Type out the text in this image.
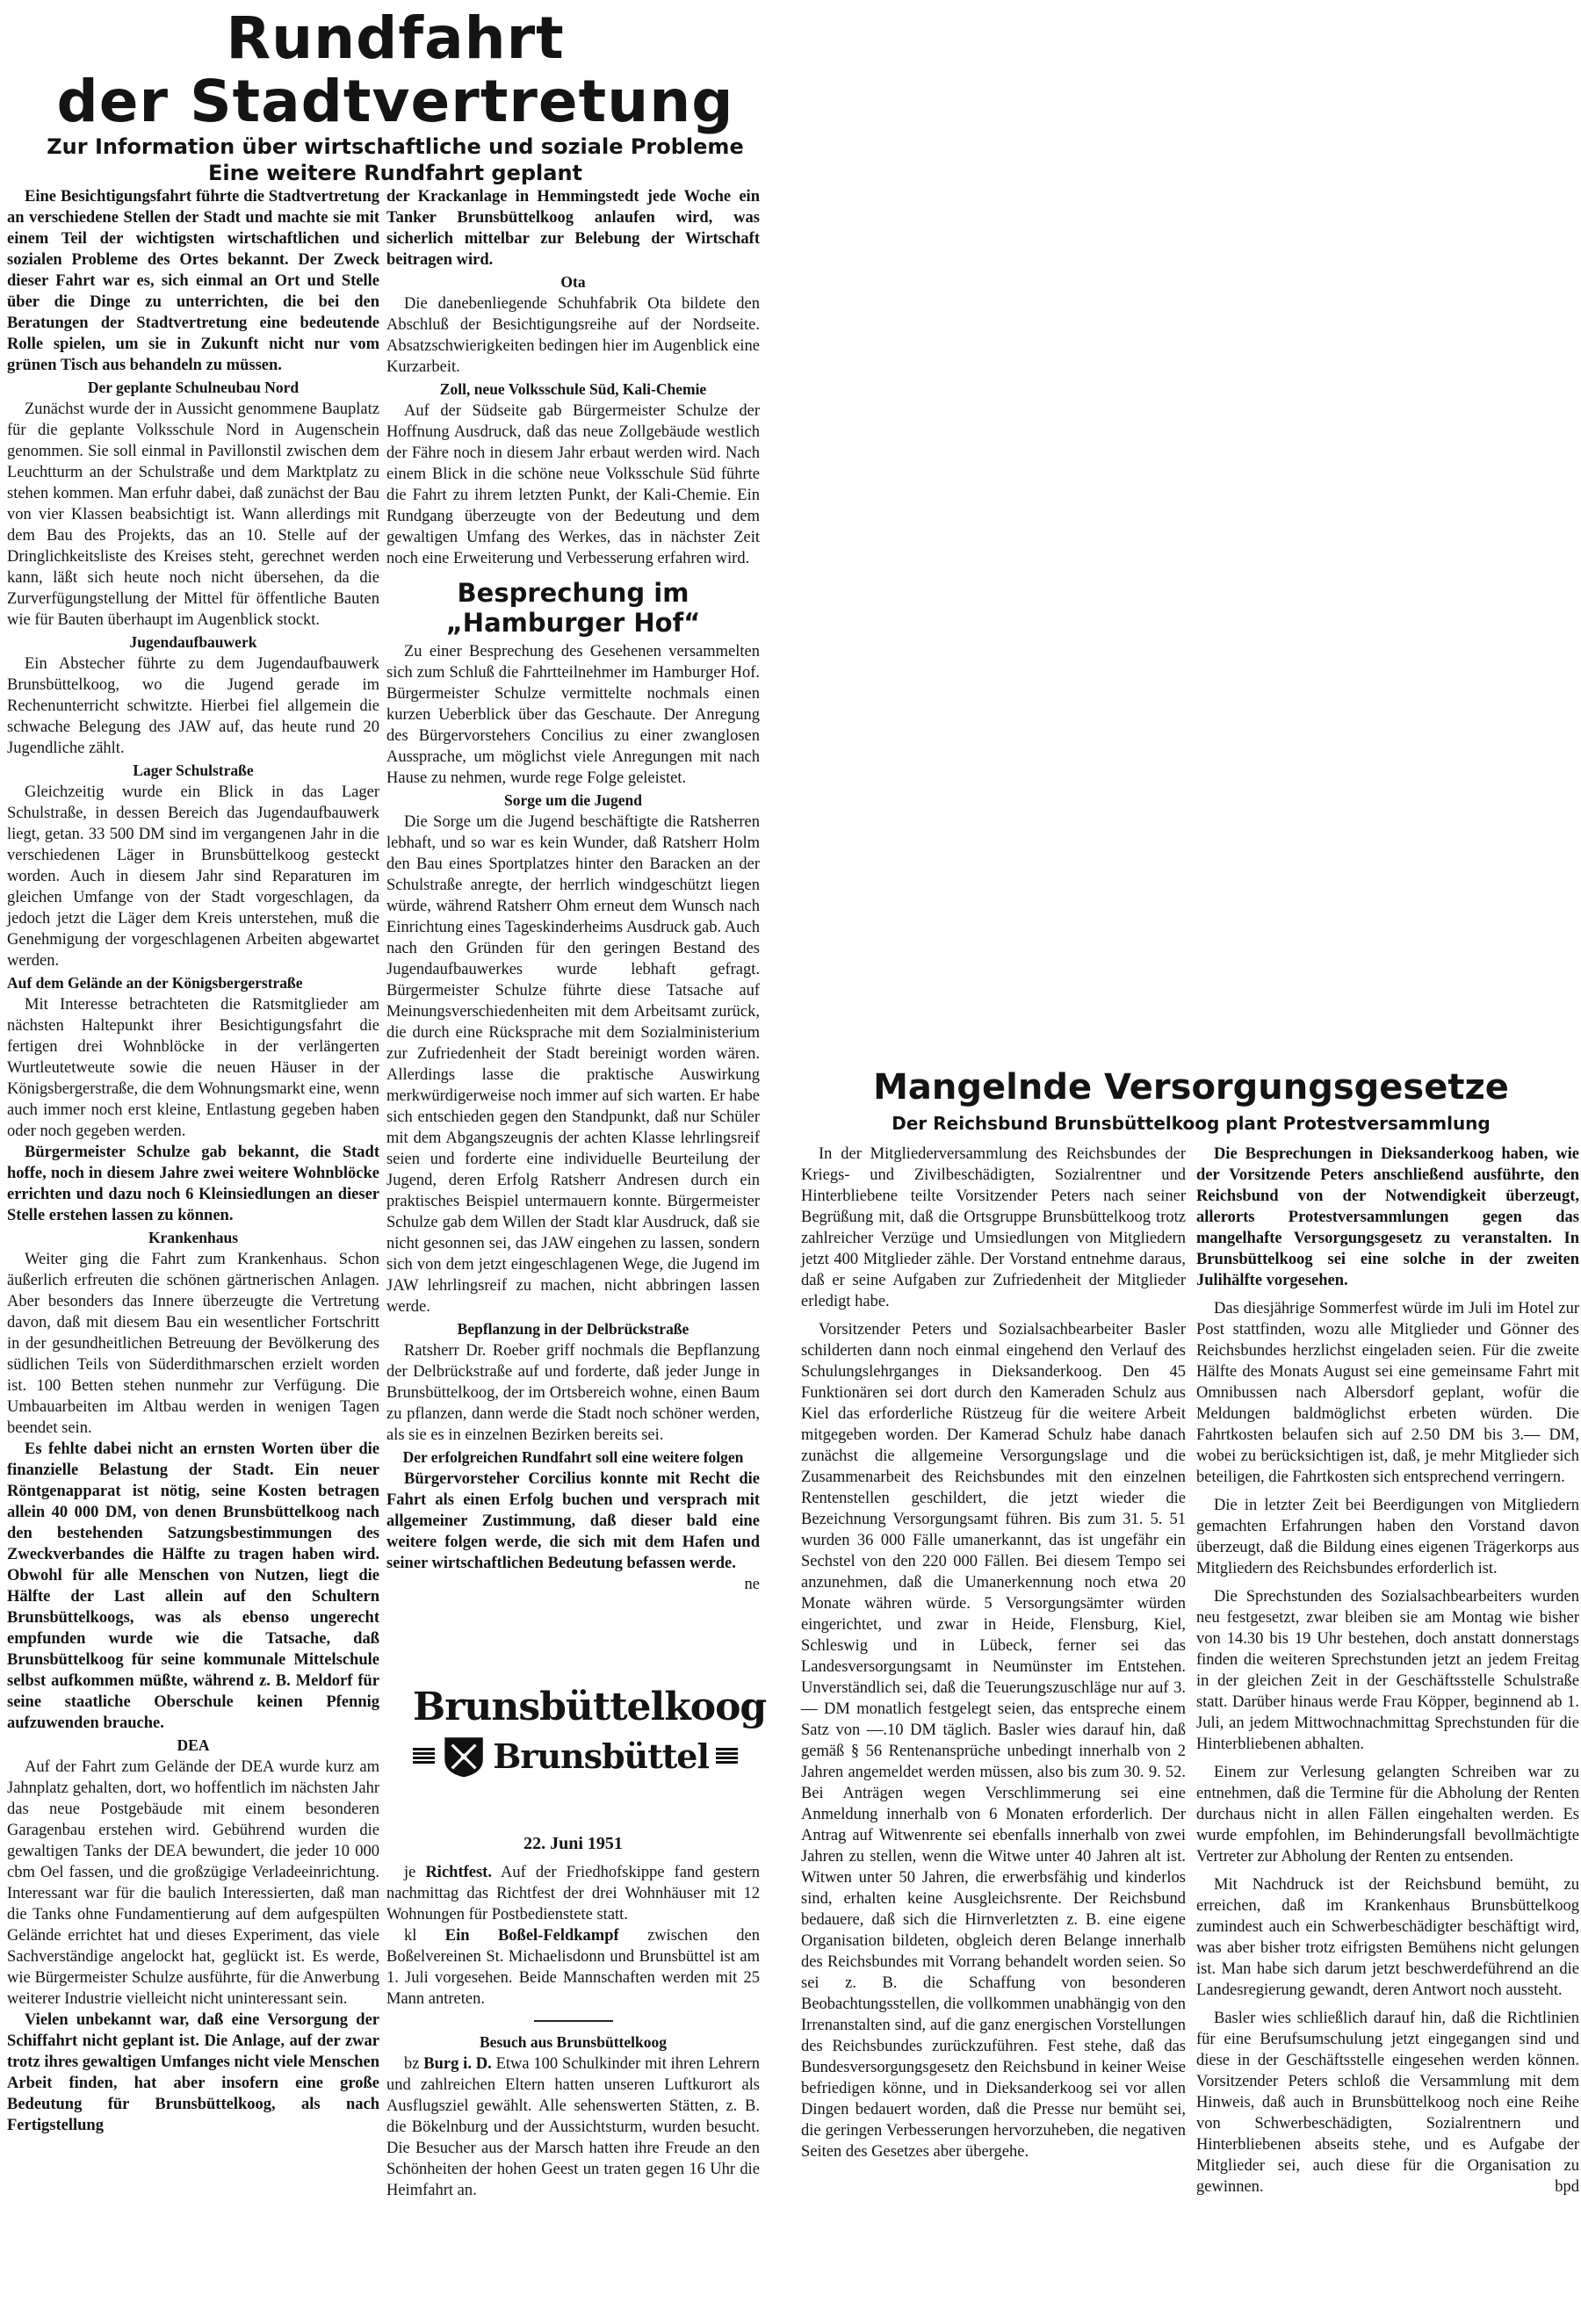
Rundfahrt
der Stadtvertretung
Zur Information über wirtschaftliche und soziale Probleme
Eine weitere Rundfahrt geplant

Eine Besichtigungsfahrt führte die Stadtvertretung an verschiedene Stellen der Stadt und machte sie mit einem Teil der wichtigsten wirtschaftlichen und sozialen Probleme des Ortes bekannt. Der Zweck dieser Fahrt war es, sich einmal an Ort und Stelle über die Dinge zu unterrichten, die bei den Beratungen der Stadtvertretung eine bedeutende Rolle spielen, um sie in Zukunft nicht nur vom grünen Tisch aus behandeln zu müssen.

Der geplante Schulneubau Nord

Zunächst wurde der in Aussicht genommene Bauplatz für die geplante Volksschule Nord in Augenschein genommen. Sie soll einmal in Pavillonstil zwischen dem Leuchtturm an der Schulstraße und dem Marktplatz zu stehen kommen. Man erfuhr dabei, daß zunächst der Bau von vier Klassen beabsichtigt ist. Wann allerdings mit dem Bau des Projekts, das an 10. Stelle auf der Dringlichkeitsliste des Kreises steht, gerechnet werden kann, läßt sich heute noch nicht übersehen, da die Zurverfügungstellung der Mittel für öffentliche Bauten wie für Bauten überhaupt im Augenblick stockt.

Jugendaufbauwerk

Ein Abstecher führte zu dem Jugendaufbauwerk Brunsbüttelkoog, wo die Jugend gerade im Rechenunterricht schwitzte. Hierbei fiel allgemein die schwache Belegung des JAW auf, das heute rund 20 Jugendliche zählt.

Lager Schulstraße

Gleichzeitig wurde ein Blick in das Lager Schulstraße, in dessen Bereich das Jugendaufbauwerk liegt, getan. 33 500 DM sind im vergangenen Jahr in die verschiedenen Läger in Brunsbüttelkoog gesteckt worden. Auch in diesem Jahr sind Reparaturen im gleichen Umfange von der Stadt vorgeschlagen, da jedoch jetzt die Läger dem Kreis unterstehen, muß die Genehmigung der vorgeschlagenen Arbeiten abgewartet werden.

Auf dem Gelände an der Königsbergerstraße

Mit Interesse betrachteten die Ratsmitglieder am nächsten Haltepunkt ihrer Besichtigungsfahrt die fertigen drei Wohnblöcke in der verlängerten Wurtleutetweute sowie die neuen Häuser in der Königsbergerstraße, die dem Wohnungsmarkt eine, wenn auch immer noch erst kleine, Entlastung gegeben haben oder noch gegeben werden.

Bürgermeister Schulze gab bekannt, die Stadt hoffe, noch in diesem Jahre zwei weitere Wohnblöcke errichten und dazu noch 6 Kleinsiedlungen an dieser Stelle erstehen lassen zu können.

Krankenhaus

Weiter ging die Fahrt zum Krankenhaus. Schon äußerlich erfreuten die schönen gärtnerischen Anlagen. Aber besonders das Innere überzeugte die Vertretung davon, daß mit diesem Bau ein wesentlicher Fortschritt in der gesundheitlichen Betreuung der Bevölkerung des südlichen Teils von Süderdithmarschen erzielt worden ist. 100 Betten stehen nunmehr zur Verfügung. Die Umbauarbeiten im Altbau werden in wenigen Tagen beendet sein.

Es fehlte dabei nicht an ernsten Worten über die finanzielle Belastung der Stadt. Ein neuer Röntgenapparat ist nötig, seine Kosten betragen allein 40 000 DM, von denen Brunsbüttelkoog nach den bestehenden Satzungsbestimmungen des Zweckverbandes die Hälfte zu tragen haben wird. Obwohl für alle Menschen von Nutzen, liegt die Hälfte der Last allein auf den Schultern Brunsbüttelkoogs, was als ebenso ungerecht empfunden wurde wie die Tatsache, daß Brunsbüttelkoog für seine kommunale Mittelschule selbst aufkommen müßte, während z. B. Meldorf für seine staatliche Oberschule keinen Pfennig aufzuwenden brauche.

DEA

Auf der Fahrt zum Gelände der DEA wurde kurz am Jahnplatz gehalten, dort, wo hoffentlich im nächsten Jahr das neue Postgebäude mit einem besonderen Garagenbau erstehen wird. Gebührend wurden die gewaltigen Tanks der DEA bewundert, die jeder 10 000 cbm Oel fassen, und die großzügige Verladeeinrichtung. Interessant war für die baulich Interessierten, daß man die Tanks ohne Fundamentierung auf dem aufgespülten Gelände errichtet hat und dieses Experiment, das viele Sachverständige angelockt hat, geglückt ist. Es werde, wie Bürgermeister Schulze ausführte, für die Anwerbung weiterer Industrie vielleicht nicht uninteressant sein.

Vielen unbekannt war, daß eine Versorgung der Schiffahrt nicht geplant ist. Die Anlage, auf der zwar trotz ihres gewaltigen Umfanges nicht viele Menschen Arbeit finden, hat aber insofern eine große Bedeutung für Brunsbüttelkoog, als nach Fertigstellung

der Krackanlage in Hemmingstedt jede Woche ein Tanker Brunsbüttelkoog anlaufen wird, was sicherlich mittelbar zur Belebung der Wirtschaft beitragen wird.

Ota

Die danebenliegende Schuhfabrik Ota bildete den Abschluß der Besichtigungsreihe auf der Nordseite. Absatzschwierigkeiten bedingen hier im Augenblick eine Kurzarbeit.

Zoll, neue Volksschule Süd, Kali-Chemie

Auf der Südseite gab Bürgermeister Schulze der Hoffnung Ausdruck, daß das neue Zollgebäude westlich der Fähre noch in diesem Jahr erbaut werden wird. Nach einem Blick in die schöne neue Volksschule Süd führte die Fahrt zu ihrem letzten Punkt, der Kali-Chemie. Ein Rundgang überzeugte von der Bedeutung und dem gewaltigen Umfang des Werkes, das in nächster Zeit noch eine Erweiterung und Verbesserung erfahren wird.

Besprechung im „Hamburger Hof“

Zu einer Besprechung des Gesehenen versammelten sich zum Schluß die Fahrtteilnehmer im Hamburger Hof. Bürgermeister Schulze vermittelte nochmals einen kurzen Ueberblick über das Geschaute. Der Anregung des Bürgervorstehers Concilius zu einer zwanglosen Aussprache, um möglichst viele Anregungen mit nach Hause zu nehmen, wurde rege Folge geleistet.

Sorge um die Jugend

Die Sorge um die Jugend beschäftigte die Ratsherren lebhaft, und so war es kein Wunder, daß Ratsherr Holm den Bau eines Sportplatzes hinter den Baracken an der Schulstraße anregte, der herrlich windgeschützt liegen würde, während Ratsherr Ohm erneut dem Wunsch nach Einrichtung eines Tageskinderheims Ausdruck gab. Auch nach den Gründen für den geringen Bestand des Jugendaufbauwerkes wurde lebhaft gefragt. Bürgermeister Schulze führte diese Tatsache auf Meinungsverschiedenheiten mit dem Arbeitsamt zurück, die durch eine Rücksprache mit dem Sozialministerium zur Zufriedenheit der Stadt bereinigt worden wären. Allerdings lasse die praktische Auswirkung merkwürdigerweise noch immer auf sich warten. Er habe sich entschieden gegen den Standpunkt, daß nur Schüler mit dem Abgangszeugnis der achten Klasse lehrlingsreif seien und forderte eine individuelle Beurteilung der Jugend, deren Erfolg Ratsherr Andresen durch ein praktisches Beispiel untermauern konnte. Bürgermeister Schulze gab dem Willen der Stadt klar Ausdruck, daß sie nicht gesonnen sei, das JAW eingehen zu lassen, sondern sich von dem jetzt eingeschlagenen Wege, die Jugend im JAW lehrlingsreif zu machen, nicht abbringen lassen werde.

Bepflanzung in der Delbrückstraße

Ratsherr Dr. Roeber griff nochmals die Bepflanzung der Delbrückstraße auf und forderte, daß jeder Junge in Brunsbüttelkoog, der im Ortsbereich wohne, einen Baum zu pflanzen, dann werde die Stadt noch schöner werden, als sie es in einzelnen Bezirken bereits sei.

Der erfolgreichen Rundfahrt soll eine weitere folgen

Bürgervorsteher Corcilius konnte mit Recht die Fahrt als einen Erfolg buchen und versprach mit allgemeiner Zustimmung, daß dieser bald eine weitere folgen werde, die sich mit dem Hafen und seiner wirtschaftlichen Bedeutung befassen werde.
ne

Brunsbüttelkoog
Brunsbüttel
22. Juni 1951

je Richtfest. Auf der Friedhofskippe fand gestern nachmittag das Richtfest der drei Wohnhäuser mit 12 Wohnungen für Postbedienstete statt.

kl Ein Boßel-Feldkampf zwischen den Boßelvereinen St. Michaelisdonn und Brunsbüttel ist am 1. Juli vorgesehen. Beide Mannschaften werden mit 25 Mann antreten.

Besuch aus Brunsbüttelkoog

bz Burg i. D. Etwa 100 Schulkinder mit ihren Lehrern und zahlreichen Eltern hatten unseren Luftkurort als Ausflugsziel gewählt. Alle sehenswerten Stätten, z. B. die Bökelnburg und der Aussichtsturm, wurden besucht. Die Besucher aus der Marsch hatten ihre Freude an den Schönheiten der hohen Geest un traten gegen 16 Uhr die Heimfahrt an.

Mangelnde Versorgungsgesetze
Der Reichsbund Brunsbüttelkoog plant Protestversammlung

In der Mitgliederversammlung des Reichsbundes der Kriegs- und Zivilbeschädigten, Sozialrentner und Hinterbliebene teilte Vorsitzender Peters nach seiner Begrüßung mit, daß die Ortsgruppe Brunsbüttelkoog trotz zahlreicher Verzüge und Umsiedlungen von Mitgliedern jetzt 400 Mitglieder zähle. Der Vorstand entnehme daraus, daß er seine Aufgaben zur Zufriedenheit der Mitglieder erledigt habe.

Vorsitzender Peters und Sozialsachbearbeiter Basler schilderten dann noch einmal eingehend den Verlauf des Schulungslehrganges in Dieksanderkoog. Den 45 Funktionären sei dort durch den Kameraden Schulz aus Kiel das erforderliche Rüstzeug für die weitere Arbeit mitgegeben worden. Der Kamerad Schulz habe danach zunächst die allgemeine Versorgungslage und die Zusammenarbeit des Reichsbundes mit den einzelnen Rentenstellen geschildert, die jetzt wieder die Bezeichnung Versorgungsamt führen. Bis zum 31. 5. 51 wurden 36 000 Fälle umanerkannt, das ist ungefähr ein Sechstel von den 220 000 Fällen. Bei diesem Tempo sei anzunehmen, daß die Umanerkennung noch etwa 20 Monate währen würde. 5 Versorgungsämter würden eingerichtet, und zwar in Heide, Flensburg, Kiel, Schleswig und in Lübeck, ferner sei das Landesversorgungsamt in Neumünster im Entstehen. Unverständlich sei, daß die Teuerungszuschläge nur auf 3.— DM monatlich festgelegt seien, das entspreche einem Satz von —.10 DM täglich. Basler wies darauf hin, daß gemäß § 56 Rentenansprüche unbedingt innerhalb von 2 Jahren angemeldet werden müssen, also bis zum 30. 9. 52. Bei Anträgen wegen Verschlimmerung sei eine Anmeldung innerhalb von 6 Monaten erforderlich. Der Antrag auf Witwenrente sei ebenfalls innerhalb von zwei Jahren zu stellen, wenn die Witwe unter 40 Jahren alt ist. Witwen unter 50 Jahren, die erwerbsfähig und kinderlos sind, erhalten keine Ausgleichsrente. Der Reichsbund bedauere, daß sich die Hirnverletzten z. B. eine eigene Organisation bildeten, obgleich deren Belange innerhalb des Reichsbundes mit Vorrang behandelt worden seien. So sei z. B. die Schaffung von besonderen Beobachtungsstellen, die vollkommen unabhängig von den Irrenanstalten sind, auf die ganz energischen Vorstellungen des Reichsbundes zurückzuführen. Fest stehe, daß das Bundesversorgungsgesetz den Reichsbund in keiner Weise befriedigen könne, und in Dieksanderkoog sei vor allen Dingen bedauert worden, daß die Presse nur bemüht sei, die geringen Verbesserungen hervorzuheben, die negativen Seiten des Gesetzes aber übergehe.

Die Besprechungen in Dieksanderkoog haben, wie der Vorsitzende Peters anschließend ausführte, den Reichsbund von der Notwendigkeit überzeugt, allerorts Protestversammlungen gegen das mangelhafte Versorgungsgesetz zu veranstalten. In Brunsbüttelkoog sei eine solche in der zweiten Julihälfte vorgesehen.

Das diesjährige Sommerfest würde im Juli im Hotel zur Post stattfinden, wozu alle Mitglieder und Gönner des Reichsbundes herzlichst eingeladen seien. Für die zweite Hälfte des Monats August sei eine gemeinsame Fahrt mit Omnibussen nach Albersdorf geplant, wofür die Meldungen baldmöglichst erbeten würden. Die Fahrtkosten belaufen sich auf 2.50 DM bis 3.— DM, wobei zu berücksichtigen ist, daß, je mehr Mitglieder sich beteiligen, die Fahrtkosten sich entsprechend verringern.

Die in letzter Zeit bei Beerdigungen von Mitgliedern gemachten Erfahrungen haben den Vorstand davon überzeugt, daß die Bildung eines eigenen Trägerkorps aus Mitgliedern des Reichsbundes erforderlich ist.

Die Sprechstunden des Sozialsachbearbeiters wurden neu festgesetzt, zwar bleiben sie am Montag wie bisher von 14.30 bis 19 Uhr bestehen, doch anstatt donnerstags finden die weiteren Sprechstunden jetzt an jedem Freitag in der gleichen Zeit in der Geschäftsstelle Schulstraße statt. Darüber hinaus werde Frau Köpper, beginnend ab 1. Juli, an jedem Mittwochnachmittag Sprechstunden für die Hinterbliebenen abhalten.

Einem zur Verlesung gelangten Schreiben war zu entnehmen, daß die Termine für die Abholung der Renten durchaus nicht in allen Fällen eingehalten werden. Es wurde empfohlen, im Behinderungsfall bevollmächtigte Vertreter zur Abholung der Renten zu entsenden.

Mit Nachdruck ist der Reichsbund bemüht, zu erreichen, daß im Krankenhaus Brunsbüttelkoog zumindest auch ein Schwerbeschädigter beschäftigt wird, was aber bisher trotz eifrigsten Bemühens nicht gelungen ist. Man habe sich darum jetzt beschwerdeführend an die Landesregierung gewandt, deren Antwort noch aussteht.

Basler wies schließlich darauf hin, daß die Richtlinien für eine Berufsumschulung jetzt eingegangen sind und diese in der Geschäftsstelle eingesehen werden können. Vorsitzender Peters schloß die Versammlung mit dem Hinweis, daß auch in Brunsbüttelkoog noch eine Reihe von Schwerbeschädigten, Sozialrentnern und Hinterbliebenen abseits stehe, und es Aufgabe der Mitglieder sei, auch diese für die Organisation zu gewinnen.	bpd
